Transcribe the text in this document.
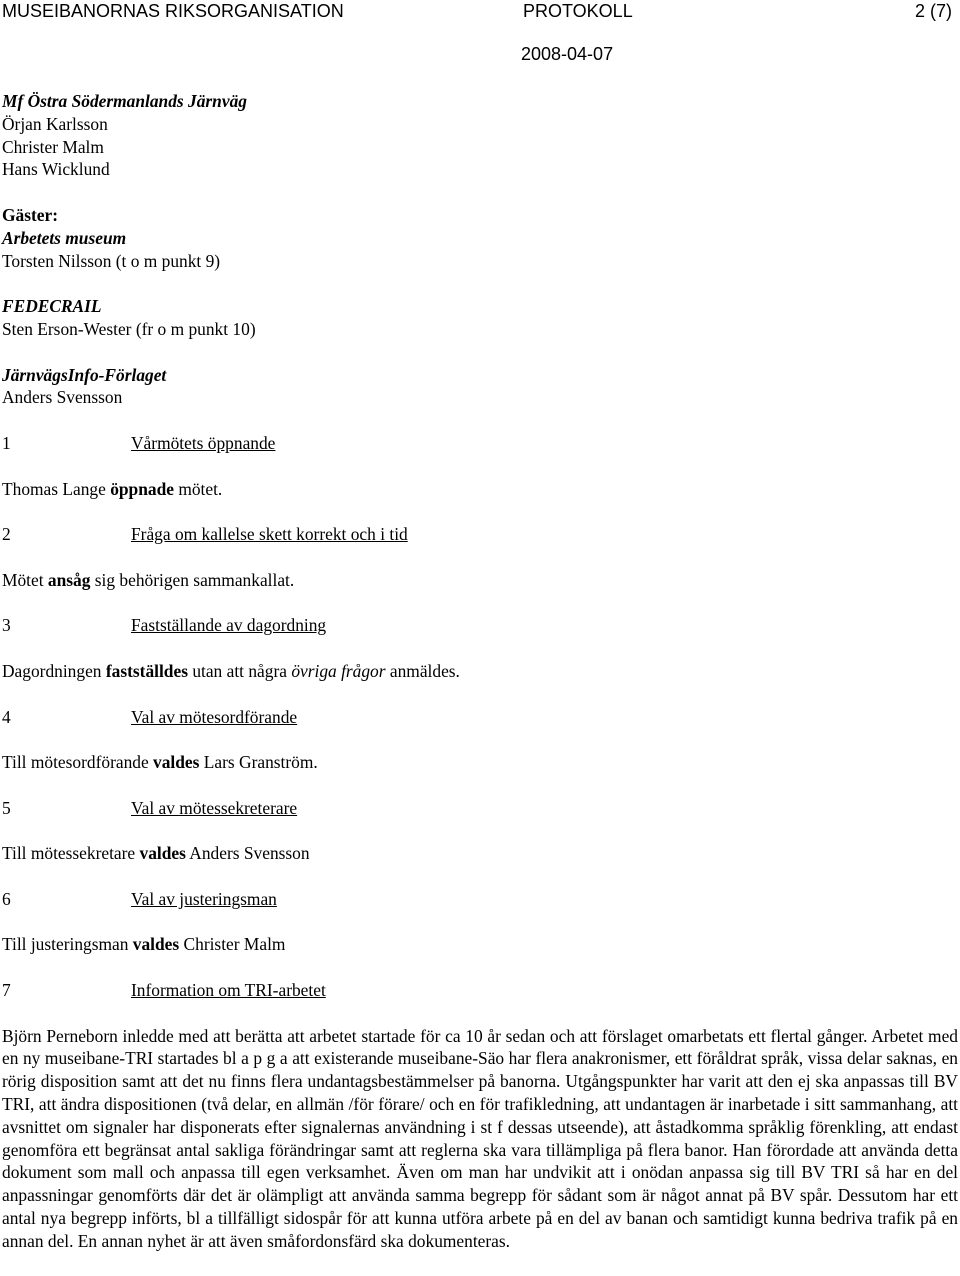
MUSEIBANORNAS RIKSORGANISATION	PROTOKOLL	2 (7)
2008-04-07
Mf Östra Södermanlands Järnväg
Örjan Karlsson
Christer Malm
Hans Wicklund
Gäster:
Arbetets museum
Torsten Nilsson (t o m punkt 9)
FEDECRAIL
Sten Erson-Wester (fr o m punkt 10)
JärnvägsInfo-Förlaget
Anders Svensson
1	Vårmötets öppnande
Thomas Lange öppnade mötet.
2	Fråga om kallelse skett korrekt och i tid
Mötet ansåg sig behörigen sammankallat.
3	Fastställande av dagordning
Dagordningen fastställdes utan att några övriga frågor anmäldes.
4	Val av mötesordförande
Till mötesordförande valdes Lars Granström.
5	Val av mötessekreterare
Till mötessekretare valdes Anders Svensson
6	Val av justeringsman
Till justeringsman valdes Christer Malm
7	Information om TRI-arbetet
Björn Perneborn inledde med att berätta att arbetet startade för ca 10 år sedan och att förslaget omarbetats ett flertal gånger. Arbetet med en ny museibane-TRI startades bl a p g a att existerande museibane-Säo har flera anakronismer, ett föråldrat språk, vissa delar saknas, en rörig disposition samt att det nu finns flera undantagsbestämmelser på banorna. Utgångspunkter har varit att den ej ska anpassas till BV TRI, att ändra dispositionen (två delar, en allmän /för förare/ och en för trafikledning, att undantagen är inarbetade i sitt sammanhang, att avsnittet om signaler har disponerats efter signalernas användning i st f dessas utseende), att åstadkomma språklig förenkling, att endast genomföra ett begränsat antal sakliga förändringar samt att reglerna ska vara tillämpliga på flera banor. Han förordade att använda detta dokument som mall och anpassa till egen verksamhet. Även om man har undvikit att i onödan anpassa sig till BV TRI så har en del anpassningar genomförts där det är olämpligt att använda samma begrepp för sådant som är något annat på BV spår. Dessutom har ett antal nya begrepp införts, bl a tillfälligt sidospår för att kunna utföra arbete på en del av banan och samtidigt kunna bedriva trafik på en annan del. En annan nyhet är att även småfordonsfärd ska dokumenteras.
